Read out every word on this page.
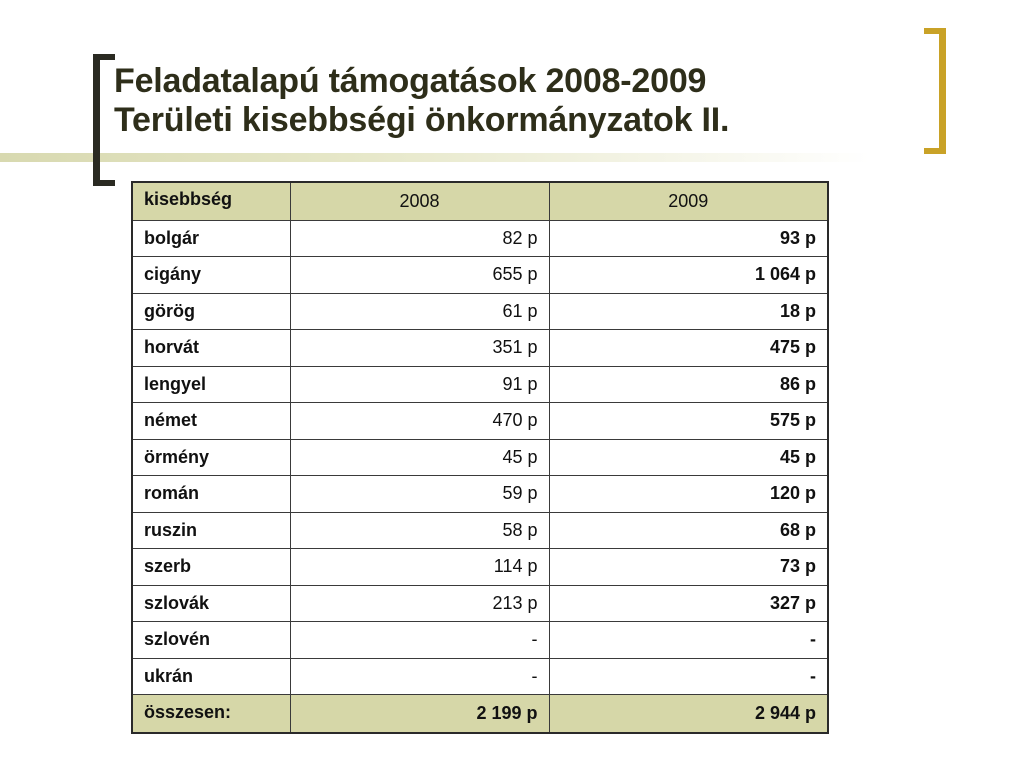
Feladatalapú támogatások 2008-2009
Területi kisebbségi önkormányzatok II.
kisebbség	2008	2009
bolgár	82 p	93 p
cigány	655 p	1 064 p
görög	61 p	18 p
horvát	351 p	475 p
lengyel	91 p	86 p
német	470 p	575 p
örmény	45 p	45 p
román	59 p	120 p
ruszin	58 p	68 p
szerb	114 p	73 p
szlovák	213 p	327 p
szlovén	-	-
ukrán	-	-
összesen:	2 199 p	2 944 p
